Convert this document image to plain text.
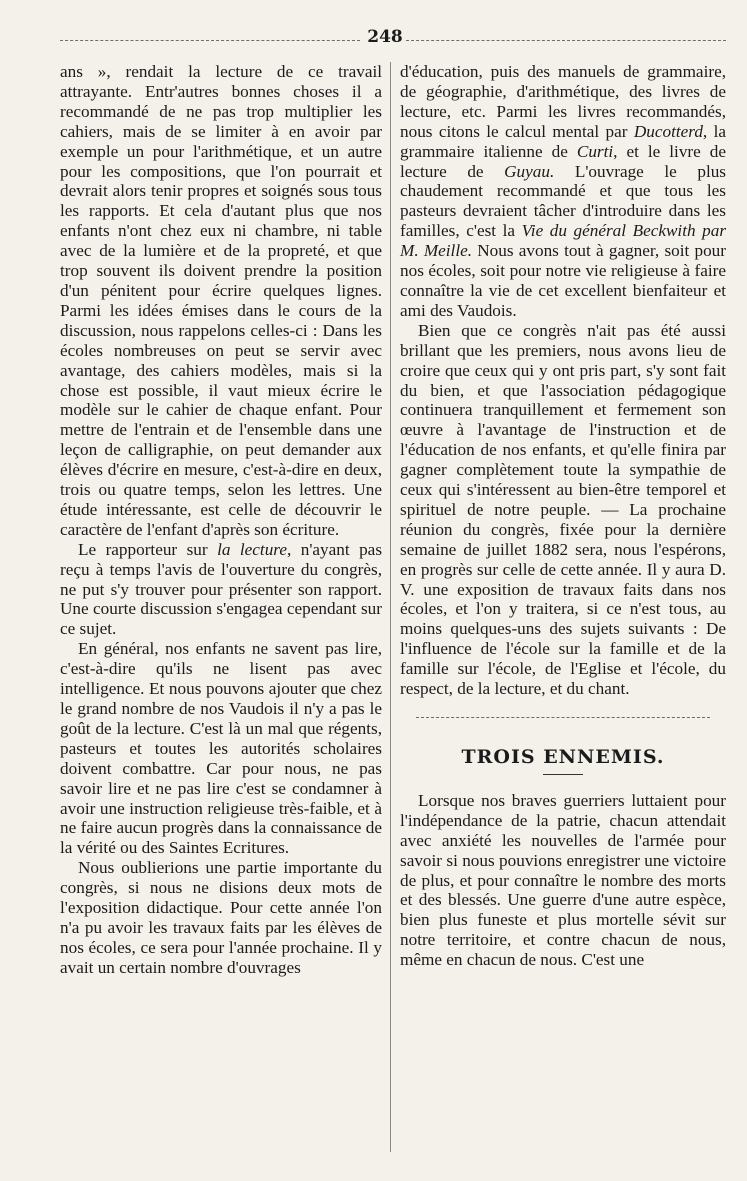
248

ans », rendait la lecture de ce travail attrayante. Entr'autres bonnes choses il a recommandé de ne pas trop multiplier les cahiers, mais de se limiter à en avoir par exemple un pour l'arithmétique, et un autre pour les compositions, que l'on pourrait et devrait alors tenir propres et soignés sous tous les rapports. Et cela d'autant plus que nos enfants n'ont chez eux ni chambre, ni table avec de la lumière et de la propreté, et que trop souvent ils doivent prendre la position d'un pénitent pour écrire quelques lignes. Parmi les idées émises dans le cours de la discussion, nous rappelons celles-ci : Dans les écoles nombreuses on peut se servir avec avantage, des cahiers modèles, mais si la chose est possible, il vaut mieux écrire le modèle sur le cahier de chaque enfant. Pour mettre de l'entrain et de l'ensemble dans une leçon de calligraphie, on peut demander aux élèves d'écrire en mesure, c'est-à-dire en deux, trois ou quatre temps, selon les lettres. Une étude intéressante, est celle de découvrir le caractère de l'enfant d'après son écriture.

Le rapporteur sur la lecture, n'ayant pas reçu à temps l'avis de l'ouverture du congrès, ne put s'y trouver pour présenter son rapport. Une courte discussion s'engagea cependant sur ce sujet.

En général, nos enfants ne savent pas lire, c'est-à-dire qu'ils ne lisent pas avec intelligence. Et nous pouvons ajouter que chez le grand nombre de nos Vaudois il n'y a pas le goût de la lecture. C'est là un mal que régents, pasteurs et toutes les autorités scholaires doivent combattre. Car pour nous, ne pas savoir lire et ne pas lire c'est se condamner à avoir une instruction religieuse très-faible, et à ne faire aucun progrès dans la connaissance de la vérité ou des Saintes Ecritures.

Nous oublierions une partie importante du congrès, si nous ne disions deux mots de l'exposition didactique. Pour cette année l'on n'a pu avoir les travaux faits par les élèves de nos écoles, ce sera pour l'année prochaine. Il y avait un certain nombre d'ouvrages

d'éducation, puis des manuels de grammaire, de géographie, d'arithmétique, des livres de lecture, etc. Parmi les livres recommandés, nous citons le calcul mental par Ducotterd, la grammaire italienne de Curti, et le livre de lecture de Guyau. L'ouvrage le plus chaudement recommandé et que tous les pasteurs devraient tâcher d'introduire dans les familles, c'est la Vie du général Beckwith par M. Meille. Nous avons tout à gagner, soit pour nos écoles, soit pour notre vie religieuse à faire connaître la vie de cet excellent bienfaiteur et ami des Vaudois.

Bien que ce congrès n'ait pas été aussi brillant que les premiers, nous avons lieu de croire que ceux qui y ont pris part, s'y sont fait du bien, et que l'association pédagogique continuera tranquillement et fermement son œuvre à l'avantage de l'instruction et de l'éducation de nos enfants, et qu'elle finira par gagner complètement toute la sympathie de ceux qui s'intéressent au bien-être temporel et spirituel de notre peuple. — La prochaine réunion du congrès, fixée pour la dernière semaine de juillet 1882 sera, nous l'espérons, en progrès sur celle de cette année. Il y aura D. V. une exposition de travaux faits dans nos écoles, et l'on y traitera, si ce n'est tous, au moins quelques-uns des sujets suivants : De l'influence de l'école sur la famille et de la famille sur l'école, de l'Eglise et l'école, du respect, de la lecture, et du chant.

TROIS ENNEMIS.

Lorsque nos braves guerriers luttaient pour l'indépendance de la patrie, chacun attendait avec anxiété les nouvelles de l'armée pour savoir si nous pouvions enregistrer une victoire de plus, et pour connaître le nombre des morts et des blessés. Une guerre d'une autre espèce, bien plus funeste et plus mortelle sévit sur notre territoire, et contre chacun de nous, même en chacun de nous. C'est une
